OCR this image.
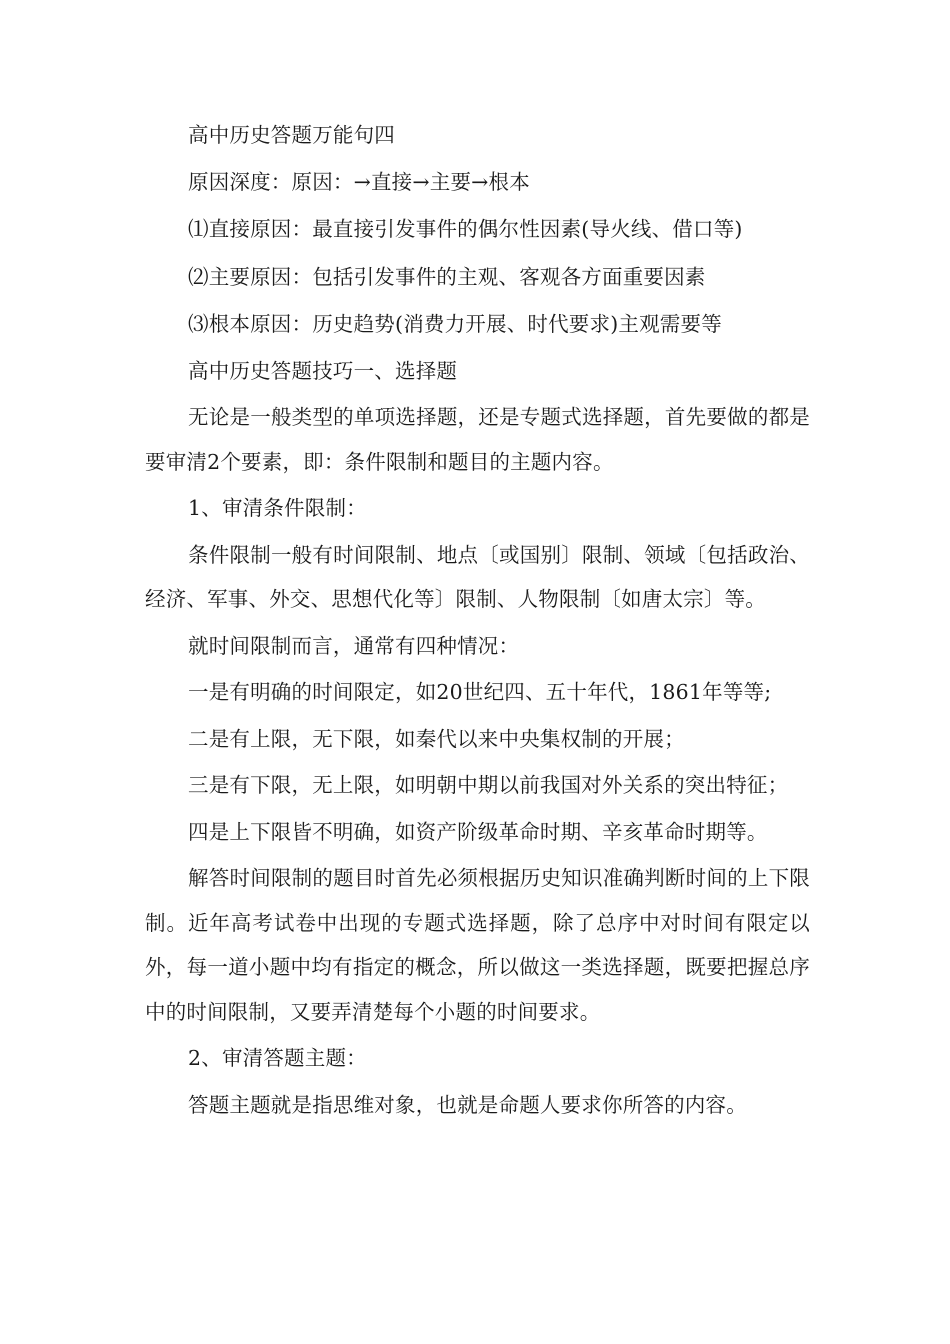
高中历史答题万能句四

原因深度：原因：→直接→主要→根本

⑴直接原因：最直接引发事件的偶尔性因素(导火线、借口等)

⑵主要原因：包括引发事件的主观、客观各方面重要因素

⑶根本原因：历史趋势(消费力开展、时代要求)主观需要等

高中历史答题技巧一、选择题

无论是一般类型的单项选择题，还是专题式选择题，首先要做的都是要审清2个要素，即：条件限制和题目的主题内容。

1、审清条件限制：

条件限制一般有时间限制、地点〔或国别〕限制、领域〔包括政治、经济、军事、外交、思想代化等〕限制、人物限制〔如唐太宗〕等。

就时间限制而言，通常有四种情况：

一是有明确的时间限定，如20世纪四、五十年代，1861年等等;

二是有上限，无下限，如秦代以来中央集权制的开展；

三是有下限，无上限，如明朝中期以前我国对外关系的突出特征；

四是上下限皆不明确，如资产阶级革命时期、辛亥革命时期等。

解答时间限制的题目时首先必须根据历史知识准确判断时间的上下限制。近年高考试卷中出现的专题式选择题，除了总序中对时间有限定以外，每一道小题中均有指定的概念，所以做这一类选择题，既要把握总序中的时间限制，又要弄清楚每个小题的时间要求。

2、审清答题主题：

答题主题就是指思维对象，也就是命题人要求你所答的内容。
